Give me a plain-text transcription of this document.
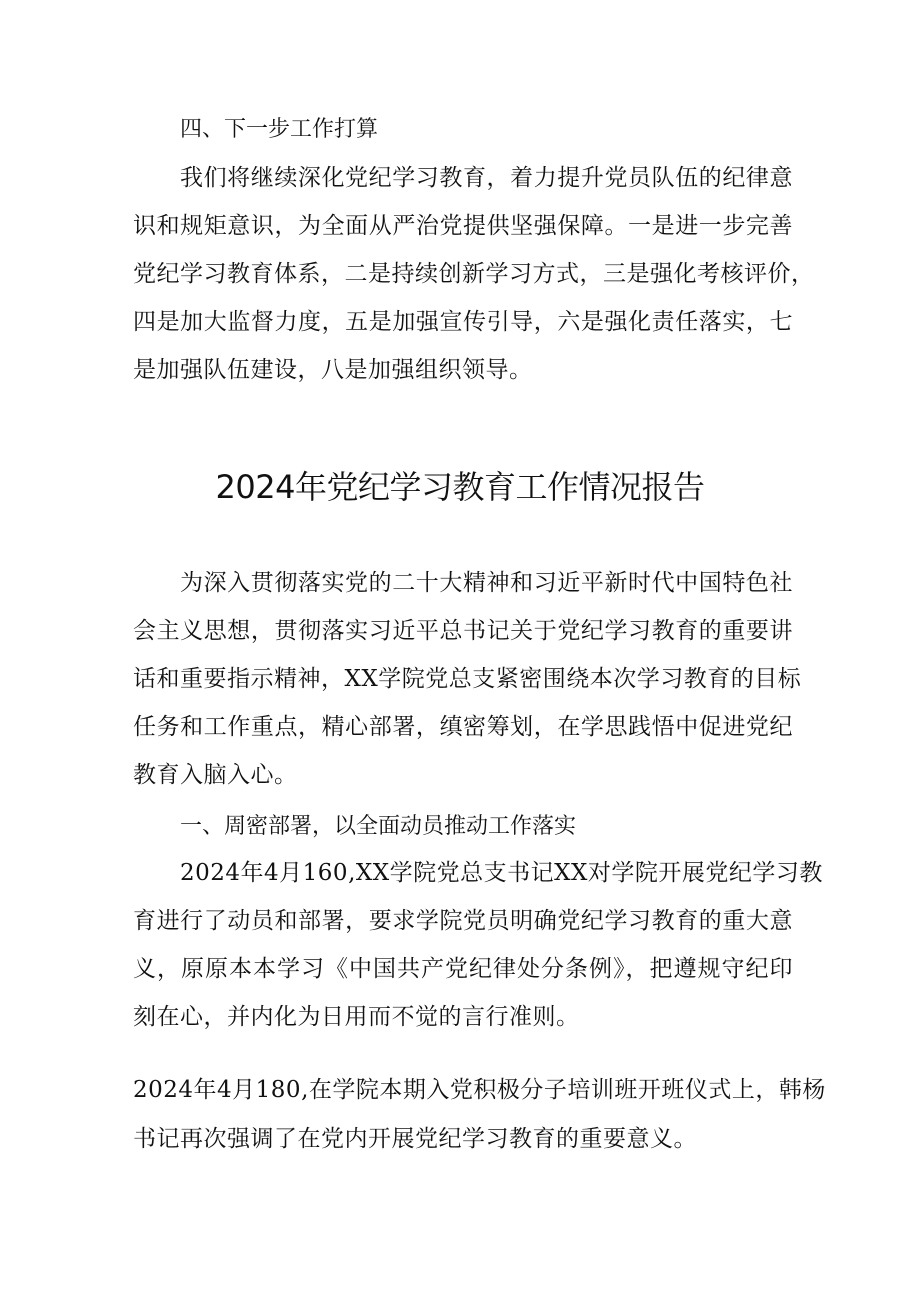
四、下一步工作打算
我们将继续深化党纪学习教育，着力提升党员队伍的纪律意
识和规矩意识，为全面从严治党提供坚强保障。一是进一步完善
党纪学习教育体系，二是持续创新学习方式，三是强化考核评价，
四是加大监督力度，五是加强宣传引导，六是强化责任落实，七
是加强队伍建设，八是加强组织领导。
2024年党纪学习教育工作情况报告
为深入贯彻落实党的二十大精神和习近平新时代中国特色社
会主义思想，贯彻落实习近平总书记关于党纪学习教育的重要讲
话和重要指示精神，XX学院党总支紧密围绕本次学习教育的目标
任务和工作重点，精心部署，缜密筹划，在学思践悟中促进党纪
教育入脑入心。
一、周密部署，以全面动员推动工作落实
2024年4月160,XX学院党总支书记XX对学院开展党纪学习教
育进行了动员和部署，要求学院党员明确党纪学习教育的重大意
义，原原本本学习《中国共产党纪律处分条例》，把遵规守纪印
刻在心，并内化为日用而不觉的言行准则。
2024年4月180,在学院本期入党积极分子培训班开班仪式上，韩杨
书记再次强调了在党内开展党纪学习教育的重要意义。
